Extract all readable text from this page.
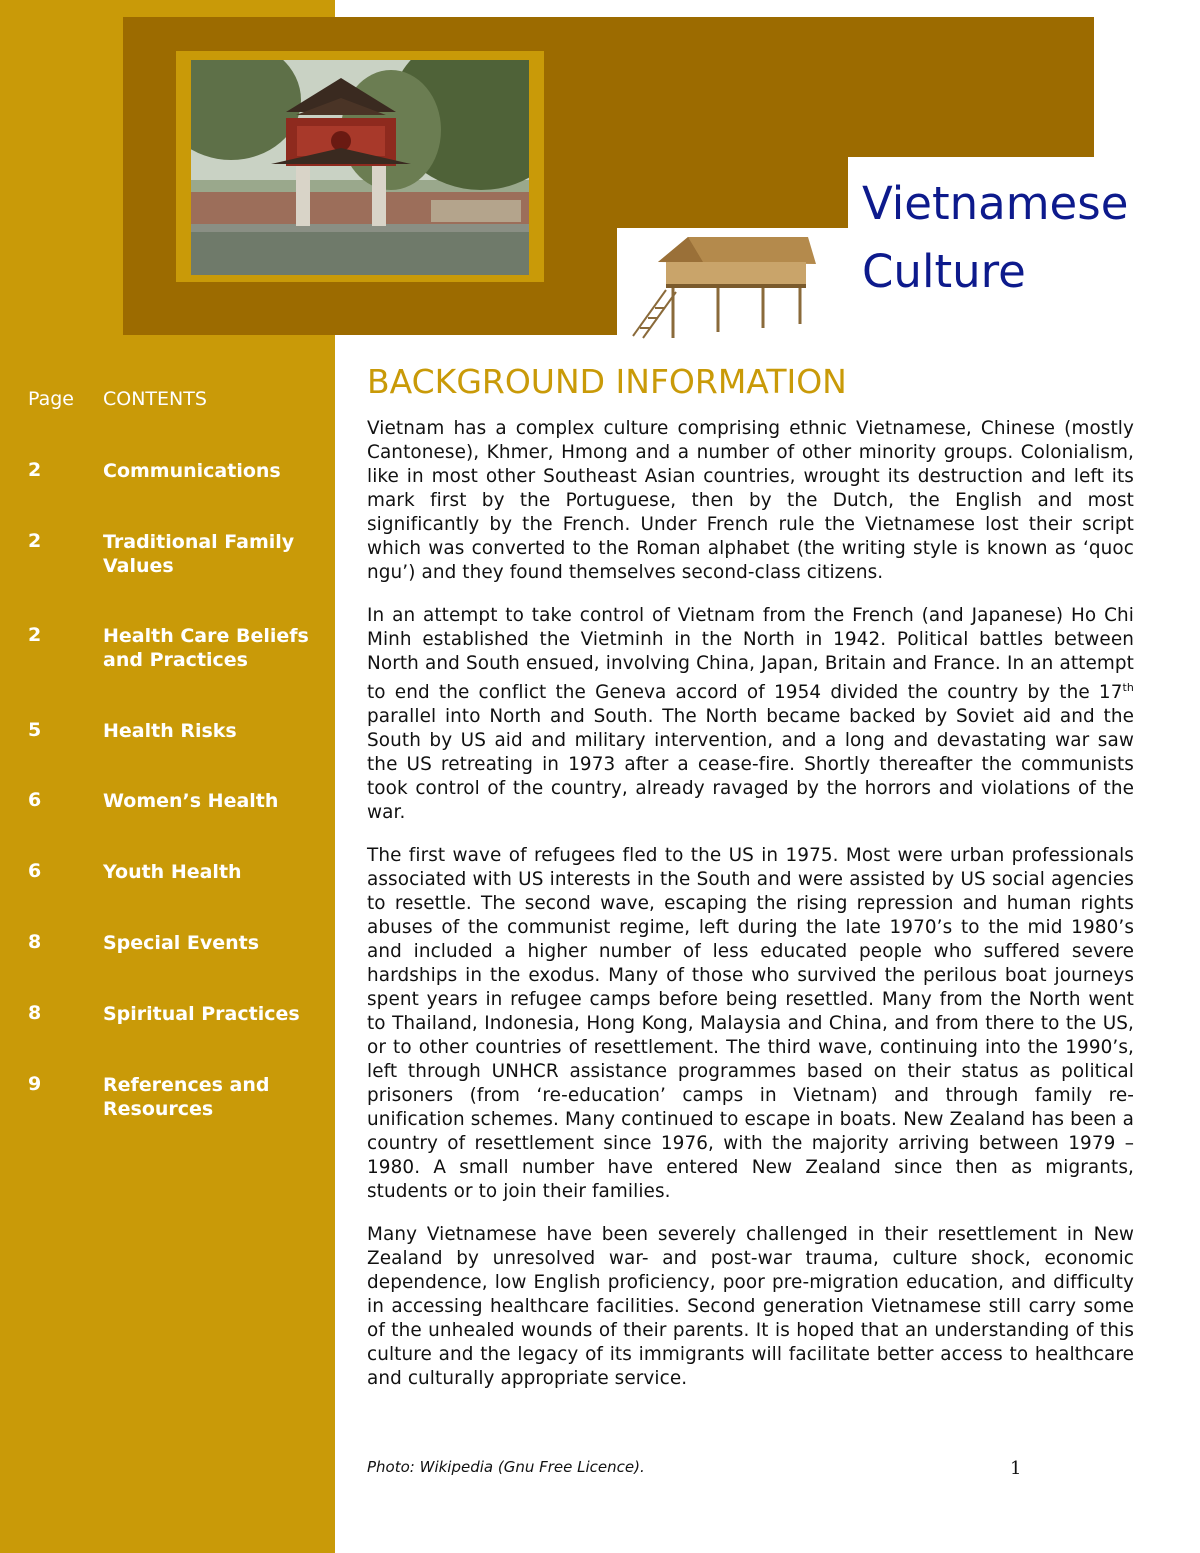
Vietnamese
Culture
Page CONTENTS
2	Communications
2	Traditional Family Values
2	Health Care Beliefs and Practices
5	Health Risks
6	Women’s Health
6	Youth Health
8	Special Events
8	Spiritual Practices
9	References and Resources
BACKGROUND INFORMATION

Vietnam has a complex culture comprising ethnic Vietnamese, Chinese (mostly Cantonese), Khmer, Hmong and a number of other minority groups. Colonialism, like in most other Southeast Asian countries, wrought its destruction and left its mark first by the Portuguese, then by the Dutch, the English and most significantly by the French. Under French rule the Vietnamese lost their script which was converted to the Roman alphabet (the writing style is known as ‘quoc ngu’) and they found themselves second-class citizens.

In an attempt to take control of Vietnam from the French (and Japanese) Ho Chi Minh established the Vietminh in the North in 1942. Political battles between North and South ensued, involving China, Japan, Britain and France. In an attempt to end the conflict the Geneva accord of 1954 divided the country by the 17th parallel into North and South. The North became backed by Soviet aid and the South by US aid and military intervention, and a long and devastating war saw the US retreating in 1973 after a cease-fire. Shortly thereafter the communists took control of the country, already ravaged by the horrors and violations of the war.

The first wave of refugees fled to the US in 1975. Most were urban professionals associated with US interests in the South and were assisted by US social agencies to resettle. The second wave, escaping the rising repression and human rights abuses of the communist regime, left during the late 1970’s to the mid 1980’s and included a higher number of less educated people who suffered severe hardships in the exodus. Many of those who survived the perilous boat journeys spent years in refugee camps before being resettled. Many from the North went to Thailand, Indonesia, Hong Kong, Malaysia and China, and from there to the US, or to other countries of resettlement. The third wave, continuing into the 1990’s, left through UNHCR assistance programmes based on their status as political prisoners (from ‘re-education’ camps in Vietnam) and through family re-unification schemes. Many continued to escape in boats. New Zealand has been a country of resettlement since 1976, with the majority arriving between 1979 – 1980. A small number have entered New Zealand since then as migrants, students or to join their families.

Many Vietnamese have been severely challenged in their resettlement in New Zealand by unresolved war- and post-war trauma, culture shock, economic dependence, low English proficiency, poor pre-migration education, and difficulty in accessing healthcare facilities. Second generation Vietnamese still carry some of the unhealed wounds of their parents. It is hoped that an understanding of this culture and the legacy of its immigrants will facilitate better access to healthcare and culturally appropriate service.

Photo: Wikipedia (Gnu Free Licence).	1
